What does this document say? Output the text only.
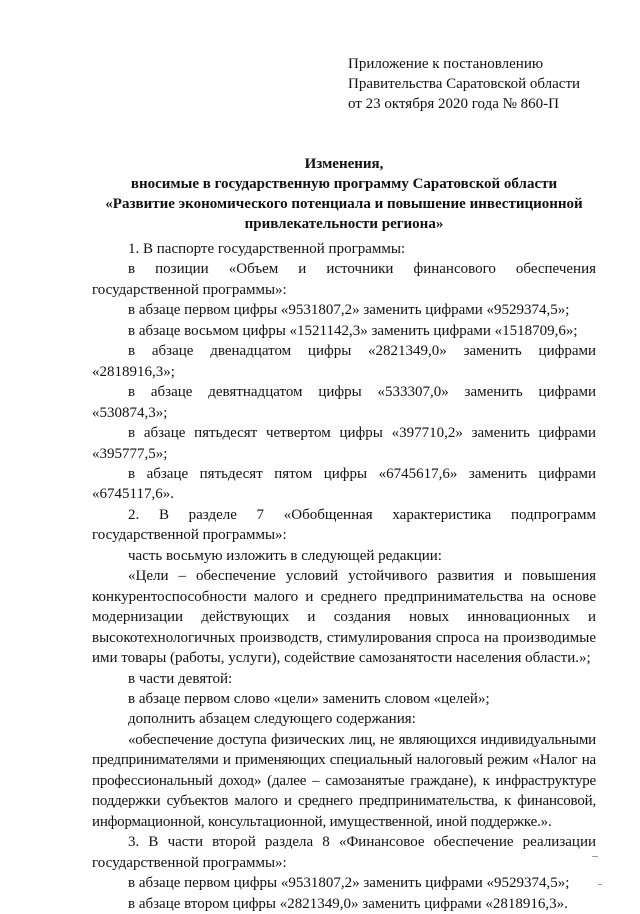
Приложение к постановлению
Правительства Саратовской области
от 23 октября 2020 года № 860-П
Изменения,
вносимые в государственную программу Саратовской области
«Развитие экономического потенциала и повышение инвестиционной
привлекательности региона»

1. В паспорте государственной программы:

в позиции «Объем и источники финансового обеспечения государственной программы»:

в абзаце первом цифры «9531807,2» заменить цифрами «9529374,5»;

в абзаце восьмом цифры «1521142,3» заменить цифрами «1518709,6»;

в абзаце двенадцатом цифры «2821349,0» заменить цифрами «2818916,3»;

в абзаце девятнадцатом цифры «533307,0» заменить цифрами «530874,3»;

в абзаце пятьдесят четвертом цифры «397710,2» заменить цифрами «395777,5»;

в абзаце пятьдесят пятом цифры «6745617,6» заменить цифрами «6745117,6».

2. В разделе 7 «Обобщенная характеристика подпрограмм государственной программы»:

часть восьмую изложить в следующей редакции:

«Цели – обеспечение условий устойчивого развития и повышения конкурентоспособности малого и среднего предпринимательства на основе модернизации действующих и создания новых инновационных и высокотехнологичных производств, стимулирования спроса на производимые ими товары (работы, услуги), содействие самозанятости населения области.»;

в части девятой:

в абзаце первом слово «цели» заменить словом «целей»;

дополнить абзацем следующего содержания:

«обеспечение доступа физических лиц, не являющихся индивидуальными предпринимателями и применяющих специальный налоговый режим «Налог на профессиональный доход» (далее – самозанятые граждане), к инфраструктуре поддержки субъектов малого и среднего предпринимательства, к финансовой, информационной, консультационной, имущественной, иной поддержке.».

3. В части второй раздела 8 «Финансовое обеспечение реализации государственной программы»:

в абзаце первом цифры «9531807,2» заменить цифрами «9529374,5»;

в абзаце втором цифры «2821349,0» заменить цифрами «2818916,3».
